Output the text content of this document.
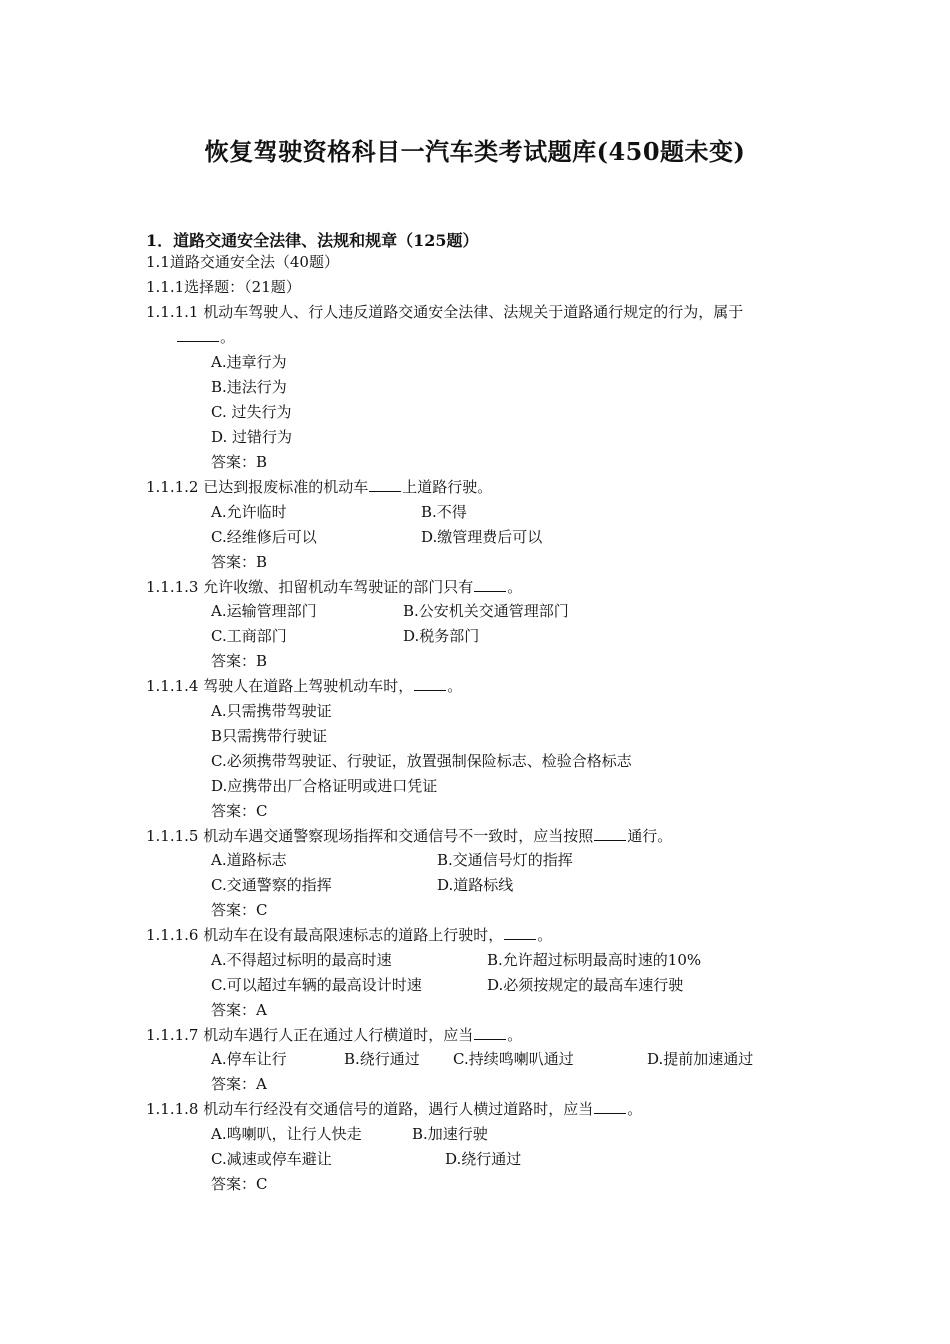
恢复驾驶资格科目一汽车类考试题库(450题未变)
1．道路交通安全法律、法规和规章（125题）
1.1道路交通安全法（40题）
1.1.1选择题：（21题）
1.1.1.1 机动车驾驶人、行人违反道路交通安全法律、法规关于道路通行规定的行为，属于
。
A.违章行为
B.违法行为
C. 过失行为
D. 过错行为
答案：B
1.1.1.2 已达到报废标准的机动车 上道路行驶。
A.允许临时	B.不得
C.经维修后可以	D.缴管理费后可以
答案：B
1.1.1.3 允许收缴、扣留机动车驾驶证的部门只有 。
A.运输管理部门	B.公安机关交通管理部门
C.工商部门	D.税务部门
答案：B
1.1.1.4 驾驶人在道路上驾驶机动车时， 。
A.只需携带驾驶证
B只需携带行驶证
C.必须携带驾驶证、行驶证，放置强制保险标志、检验合格标志
D.应携带出厂合格证明或进口凭证
答案：C
1.1.1.5 机动车遇交通警察现场指挥和交通信号不一致时，应当按照 通行。
A.道路标志	B.交通信号灯的指挥
C.交通警察的指挥	D.道路标线
答案：C
1.1.1.6 机动车在设有最高限速标志的道路上行驶时， 。
A.不得超过标明的最高时速	B.允许超过标明最高时速的10%
C.可以超过车辆的最高设计时速	D.必须按规定的最高车速行驶
答案：A
1.1.1.7 机动车遇行人正在通过人行横道时，应当 。
A.停车让行	B.绕行通过 C.持续鸣喇叭通过	D.提前加速通过
答案：A
1.1.1.8 机动车行经没有交通信号的道路，遇行人横过道路时，应当 。
A.鸣喇叭，让行人快走	B.加速行驶
C.减速或停车避让	D.绕行通过
答案：C
